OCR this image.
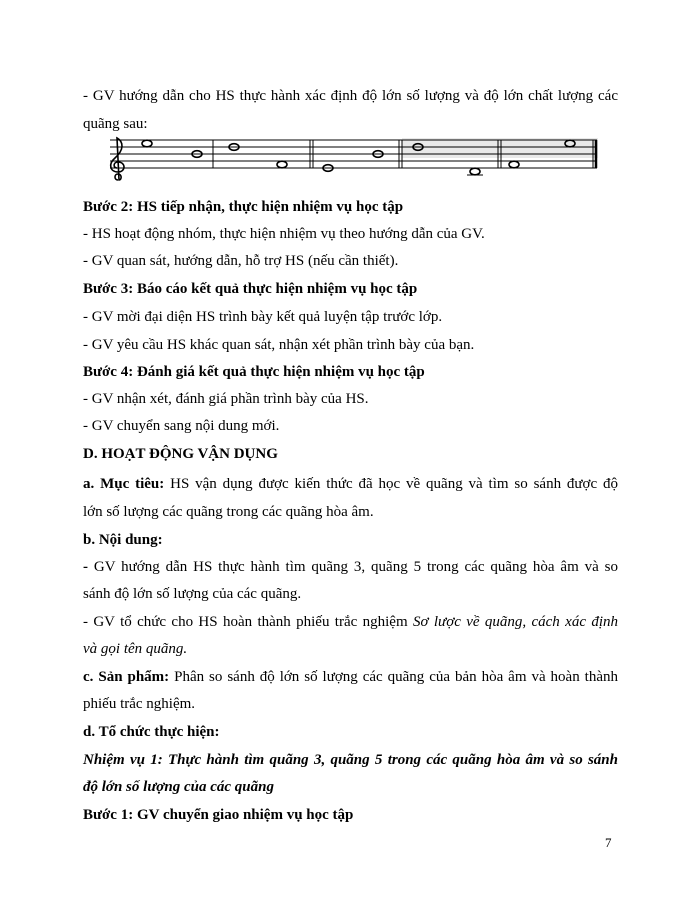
- GV hướng dẫn cho HS thực hành xác định độ lớn số lượng và độ lớn chất lượng các
quãng sau:
Bước 2: HS tiếp nhận, thực hiện nhiệm vụ học tập
- HS hoạt động nhóm, thực hiện nhiệm vụ theo hướng dẫn của GV.
- GV quan sát, hướng dẫn, hỗ trợ HS (nếu cần thiết).
Bước 3: Báo cáo kết quả thực hiện nhiệm vụ học tập
- GV mời đại diện HS trình bày kết quả luyện tập trước lớp.
- GV yêu cầu HS khác quan sát, nhận xét phần trình bày của bạn.
Bước 4: Đánh giá kết quả thực hiện nhiệm vụ học tập
- GV nhận xét, đánh giá phần trình bày của HS.
- GV chuyển sang nội dung mới.
D. HOẠT ĐỘNG VẬN DỤNG
a. Mục tiêu: HS vận dụng được kiến thức đã học về quãng và tìm so sánh được độ
lớn số lượng các quãng trong các quãng hòa âm.
b. Nội dung:
- GV hướng dẫn HS thực hành tìm quãng 3, quãng 5 trong các quãng hòa âm và so
sánh độ lớn số lượng của các quãng.
- GV tổ chức cho HS hoàn thành phiếu trắc nghiệm Sơ lược về quãng, cách xác định
và gọi tên quãng.
c. Sản phẩm: Phân so sánh độ lớn số lượng các quãng của bản hòa âm và hoàn thành
phiếu trắc nghiệm.
d. Tổ chức thực hiện:
Nhiệm vụ 1: Thực hành tìm quãng 3, quãng 5 trong các quãng hòa âm và so sánh
độ lớn số lượng của các quãng
Bước 1: GV chuyển giao nhiệm vụ học tập
7
